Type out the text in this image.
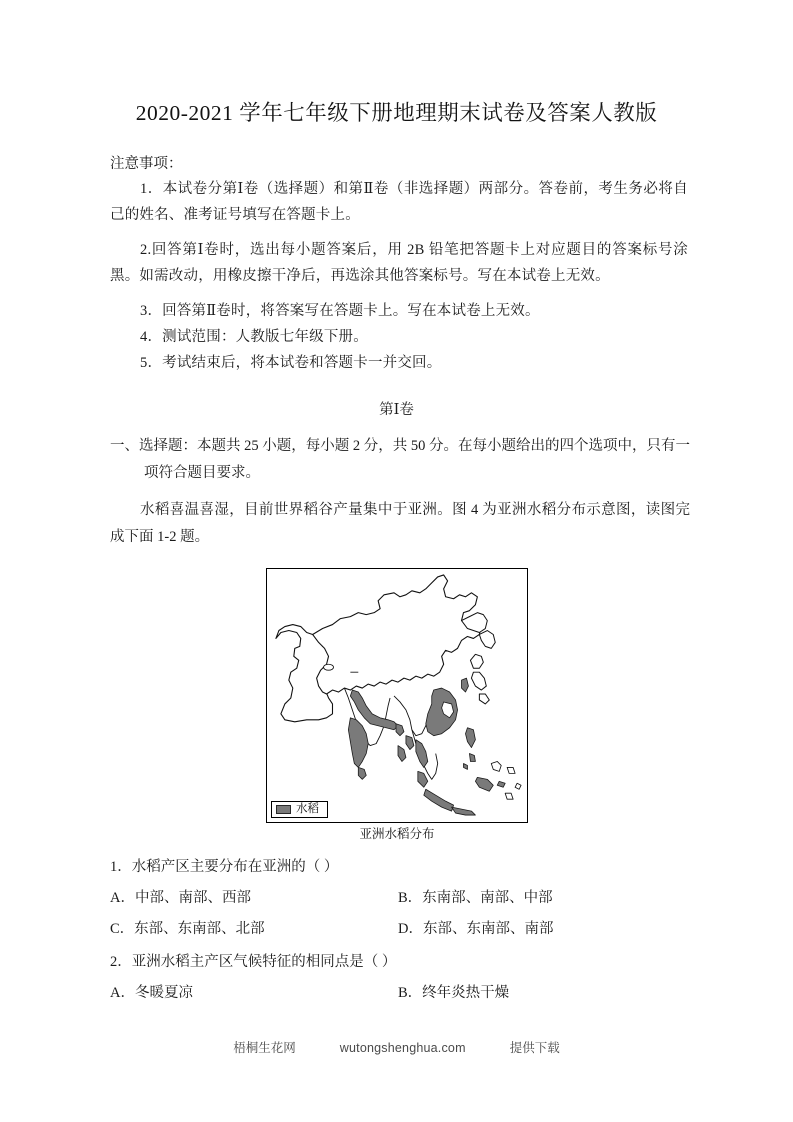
2020-2021 学年七年级下册地理期末试卷及答案人教版
注意事项：
1．本试卷分第Ⅰ卷（选择题）和第Ⅱ卷（非选择题）两部分。答卷前，考生务必将自己的姓名、准考证号填写在答题卡上。
2.回答第Ⅰ卷时，选出每小题答案后，用 2B 铅笔把答题卡上对应题目的答案标号涂黑。如需改动，用橡皮擦干净后，再选涂其他答案标号。写在本试卷上无效。
3．回答第Ⅱ卷时，将答案写在答题卡上。写在本试卷上无效。
4．测试范围：人教版七年级下册。
5．考试结束后，将本试卷和答题卡一并交回。
第Ⅰ卷
一、选择题：本题共 25 小题，每小题 2 分，共 50 分。在每小题给出的四个选项中，只有一
项符合题目要求。
水稻喜温喜湿，目前世界稻谷产量集中于亚洲。图 4 为亚洲水稻分布示意图，读图完成下面 1-2 题。
水稻
亚洲水稻分布
1．水稻产区主要分布在亚洲的（ ）
A．中部、南部、西部	B．东南部、南部、中部
C．东部、东南部、北部	D．东部、东南部、南部
2．亚洲水稻主产区气候特征的相同点是（ ）
A．冬暖夏凉	B．终年炎热干燥
梧桐生花网	wutongshenghua.com	提供下载
